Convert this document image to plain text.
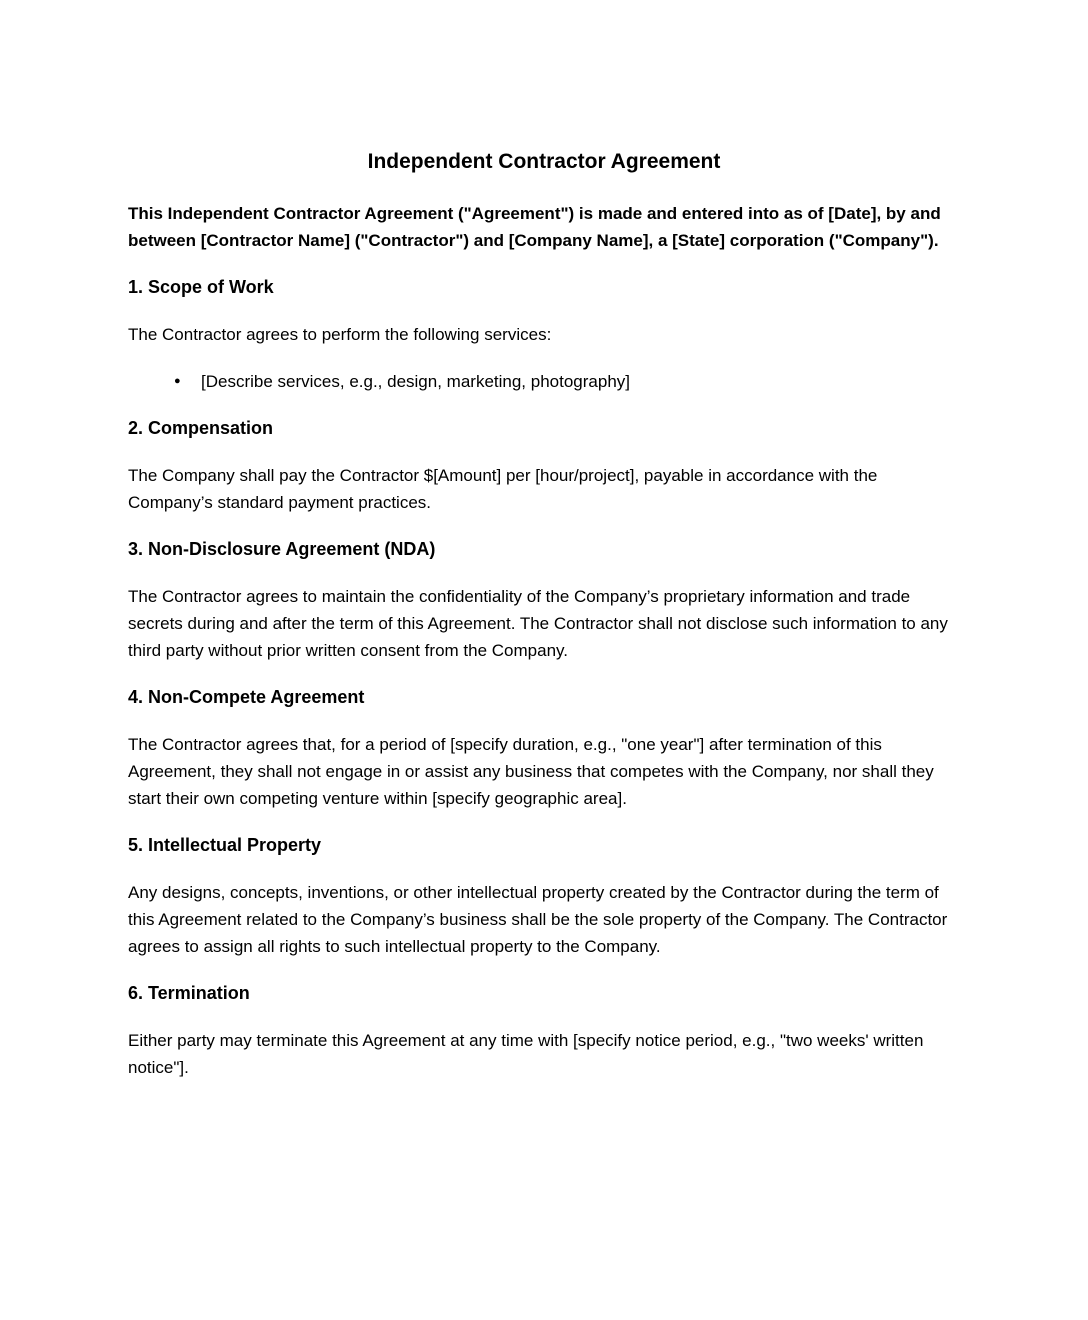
Independent Contractor Agreement

This Independent Contractor Agreement ("Agreement") is made and entered into as of [Date], by and between [Contractor Name] ("Contractor") and [Company Name], a [State] corporation ("Company").

1. Scope of Work

The Contractor agrees to perform the following services:

● [Describe services, e.g., design, marketing, photography]
2. Compensation

The Company shall pay the Contractor $[Amount] per [hour/project], payable in accordance with the Company’s standard payment practices.

3. Non-Disclosure Agreement (NDA)

The Contractor agrees to maintain the confidentiality of the Company’s proprietary information and trade secrets during and after the term of this Agreement. The Contractor shall not disclose such information to any third party without prior written consent from the Company.

4. Non-Compete Agreement

The Contractor agrees that, for a period of [specify duration, e.g., "one year"] after termination of this Agreement, they shall not engage in or assist any business that competes with the Company, nor shall they start their own competing venture within [specify geographic area].

5. Intellectual Property

Any designs, concepts, inventions, or other intellectual property created by the Contractor during the term of this Agreement related to the Company’s business shall be the sole property of the Company. The Contractor agrees to assign all rights to such intellectual property to the Company.

6. Termination

Either party may terminate this Agreement at any time with [specify notice period, e.g., "two weeks' written notice"].
